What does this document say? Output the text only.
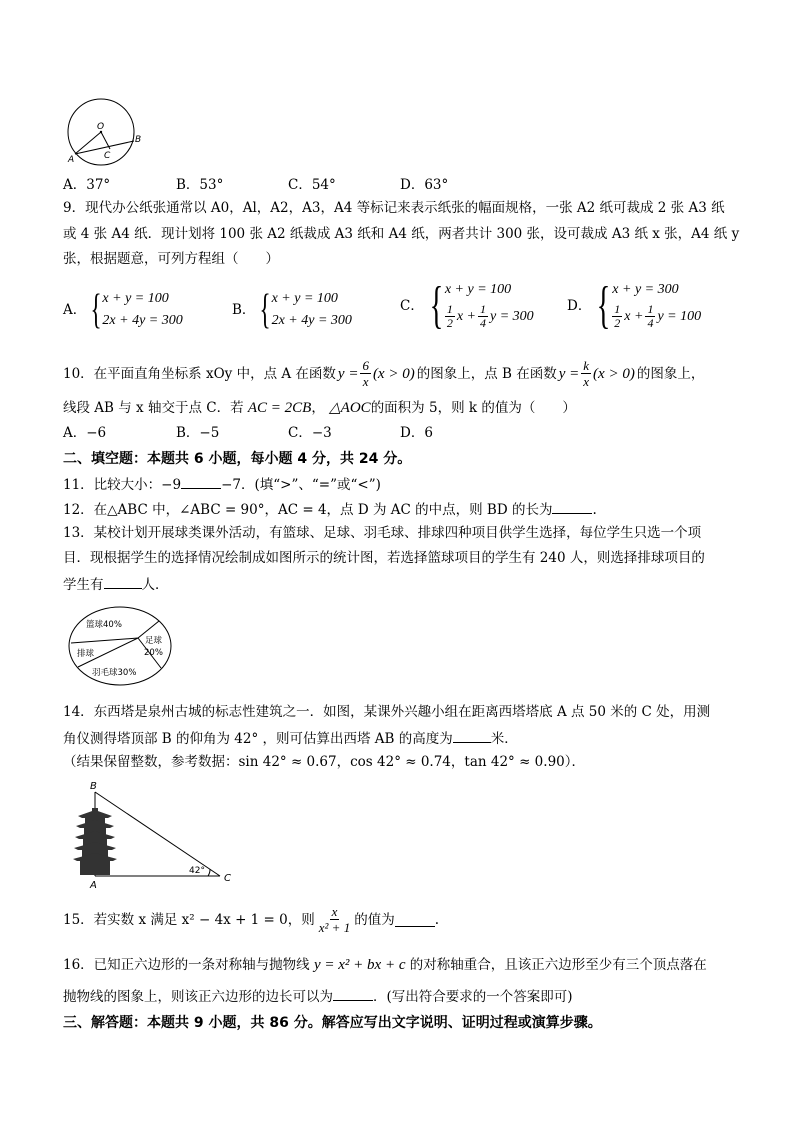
O
A
B
C
A．37°	B．53°	C．54°	D．63°
9．现代办公纸张通常以 A0，Al，A2，A3，A4 等标记来表示纸张的幅面规格，一张 A2 纸可裁成 2 张 A3 纸
或 4 张 A4 纸．现计划将 100 张 A2 纸裁成 A3 纸和 A4 纸，两者共计 300 张，设可裁成 A3 纸 x 张，A4 纸 y
张，根据题意，可列方程组（　　）
A． { x + y = 100
2x + 4y = 300
B． { x + y = 100
2x + 4y = 300
C． { x + y = 100
$\frac{1}{2}$ $x + \frac{1}{4}$ y = 300
D． { x + y = 300
$\frac{1}{2}$ $x + \frac{1}{4}$ y = 100
10．在平面直角坐标系 xOy 中，点 A 在函数 $y = \frac{6}{x} (x > 0)$ 的图象上，点 B 在函数 $y = \frac{k}{x} (x > 0)$ 的图象上，
线段 AB 与 x 轴交于点 C．若 AC = 2CB， △AOC的面积为 5，则 k 的值为（　　）
A．−6	B．−5	C．−3	D．6
二、填空题：本题共 6 小题，每小题 4 分，共 24 分。
11．比较大小：−9	−7．(填“>”、“=”或“<”)
12．在△ABC 中，∠ABC = 90°，AC = 4，点 D 为 AC 的中点，则 BD 的长为	.
13．某校计划开展球类课外活动，有篮球、足球、羽毛球、排球四种项目供学生选择，每位学生只选一个项
目．现根据学生的选择情况绘制成如图所示的统计图，若选择篮球项目的学生有 240 人，则选择排球项目的
学生有	人．
篮球40%
足球
20%
排球
羽毛球30%
14．东西塔是泉州古城的标志性建筑之一．如图，某课外兴趣小组在距离西塔塔底 A 点 50 米的 C 处，用测
角仪测得塔顶部 B 的仰角为 42° ，则可估算出西塔 AB 的高度为	米．
（结果保留整数，参考数据：sin 42° ≈ 0.67，cos 42° ≈ 0.74，tan 42° ≈ 0.90）．
B
A
C
42°
15．若实数 x 满足 x² − 4x + 1 = 0，则 $\frac{x}{\text{x² + 1}}$ 的值为	.
16．已知正六边形的一条对称轴与抛物线 y = x² + bx + c 的对称轴重合，且该正六边形至少有三个顶点落在
抛物线的图象上，则该正六边形的边长可以为	．(写出符合要求的一个答案即可)
三、解答题：本题共 9 小题，共 86 分。解答应写出文字说明、证明过程或演算步骤。
